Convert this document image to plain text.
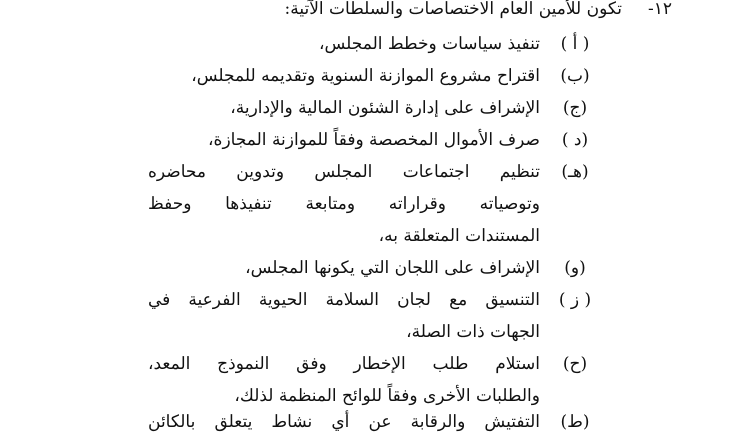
١٢-
تكون للأمين العام الاختصاصات والسلطات الآتية:
( أ )
تنفيذ سياسات وخطط المجلس،
(ب)
اقتراح مشروع الموازنة السنوية وتقديمه للمجلس،
(ج)
الإشراف على إدارة الشئون المالية والإدارية،
(د )
صرف الأموال المخصصة وفقاً للموازنة المجازة،
(هـ)
تنظيم اجتماعات المجلس وتدوين محاضره
وتوصياته وقراراته ومتابعة تنفيذها وحفظ
المستندات المتعلقة به،
(و)
الإشراف على اللجان التي يكونها المجلس،
( ز )
التنسيق مع لجان السلامة الحيوية الفرعية في
الجهات ذات الصلة،
(ح)
استلام طلب الإخطار وفق النموذج المعد،
والطلبات الأخرى وفقاً للوائح المنظمة لذلك،
(ط)
التفتيش والرقابة عن أي نشاط يتعلق بالكائن
